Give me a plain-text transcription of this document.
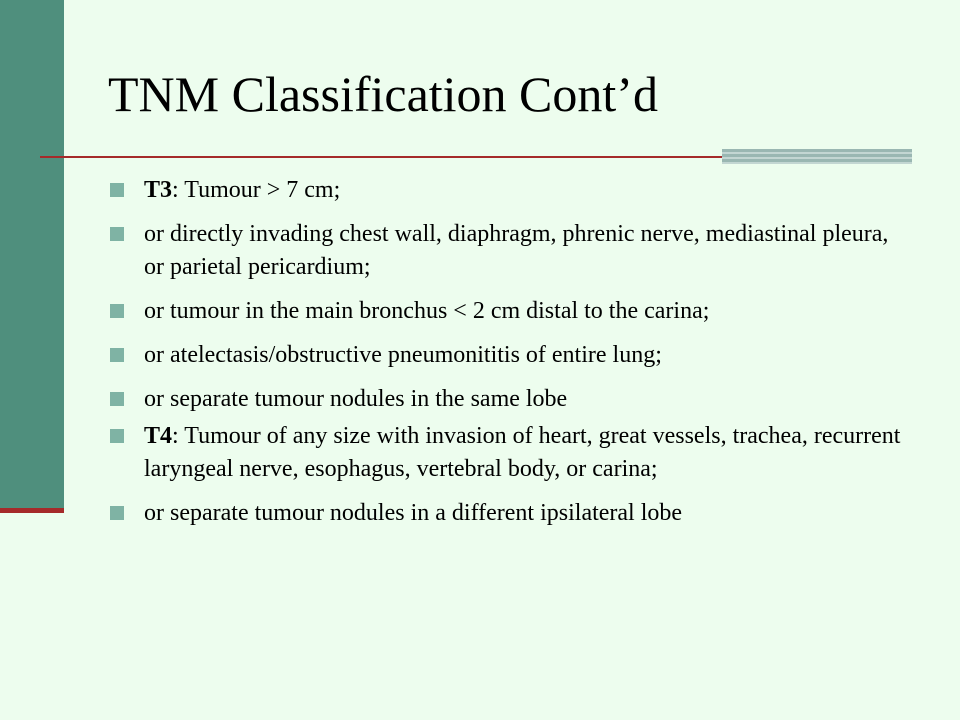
TNM Classification Cont’d
T3: Tumour > 7 cm;
or directly invading chest wall, diaphragm, phrenic nerve, mediastinal pleura, or parietal pericardium;
or tumour in the main bronchus < 2 cm distal to the carina;
or atelectasis/obstructive pneumonititis of entire lung;
or separate tumour nodules in the same lobe
T4: Tumour of any size with invasion of heart, great vessels, trachea, recurrent laryngeal nerve, esophagus, vertebral body, or carina;
or separate tumour nodules in a different ipsilateral lobe
